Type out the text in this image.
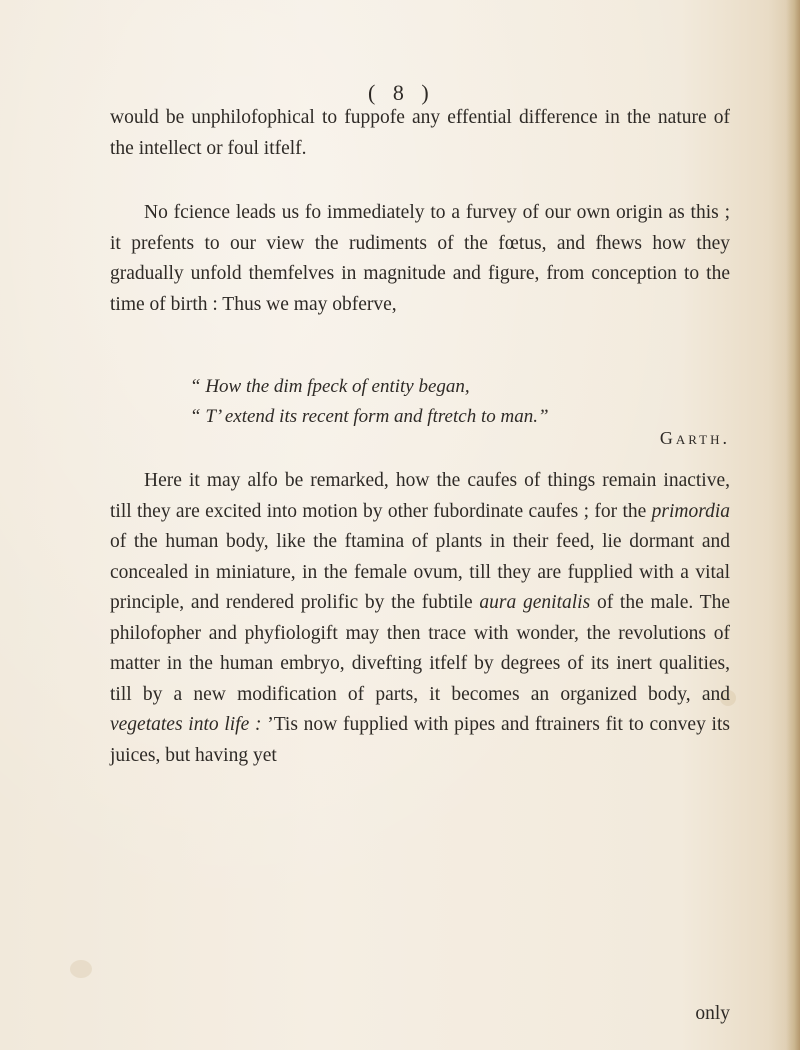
( 8 )

would be unphilofophical to fuppofe any effential difference in the nature of the intellect or foul itfelf.

No fcience leads us fo immediately to a furvey of our own origin as this ; it prefents to our view the rudiments of the fœtus, and fhews how they gradually unfold themfelves in magnitude and figure, from conception to the time of birth : Thus we may obferve,

“ How the dim fpeck of entity began,
“ T’ extend its recent form and ftretch to man.”
Garth.

Here it may alfo be remarked, how the caufes of things remain inactive, till they are excited into motion by other fubordinate caufes ; for the primordia of the human body, like the ftamina of plants in their feed, lie dormant and concealed in miniature, in the female ovum, till they are fupplied with a vital principle, and rendered prolific by the fubtile aura genitalis of the male. The philofopher and phyfiologift may then trace with wonder, the revolutions of matter in the human embryo, divefting itfelf by degrees of its inert qualities, till by a new modification of parts, it becomes an organized body, and vegetates into life : ’Tis now fupplied with pipes and ftrainers fit to convey its juices, but having yet

only
